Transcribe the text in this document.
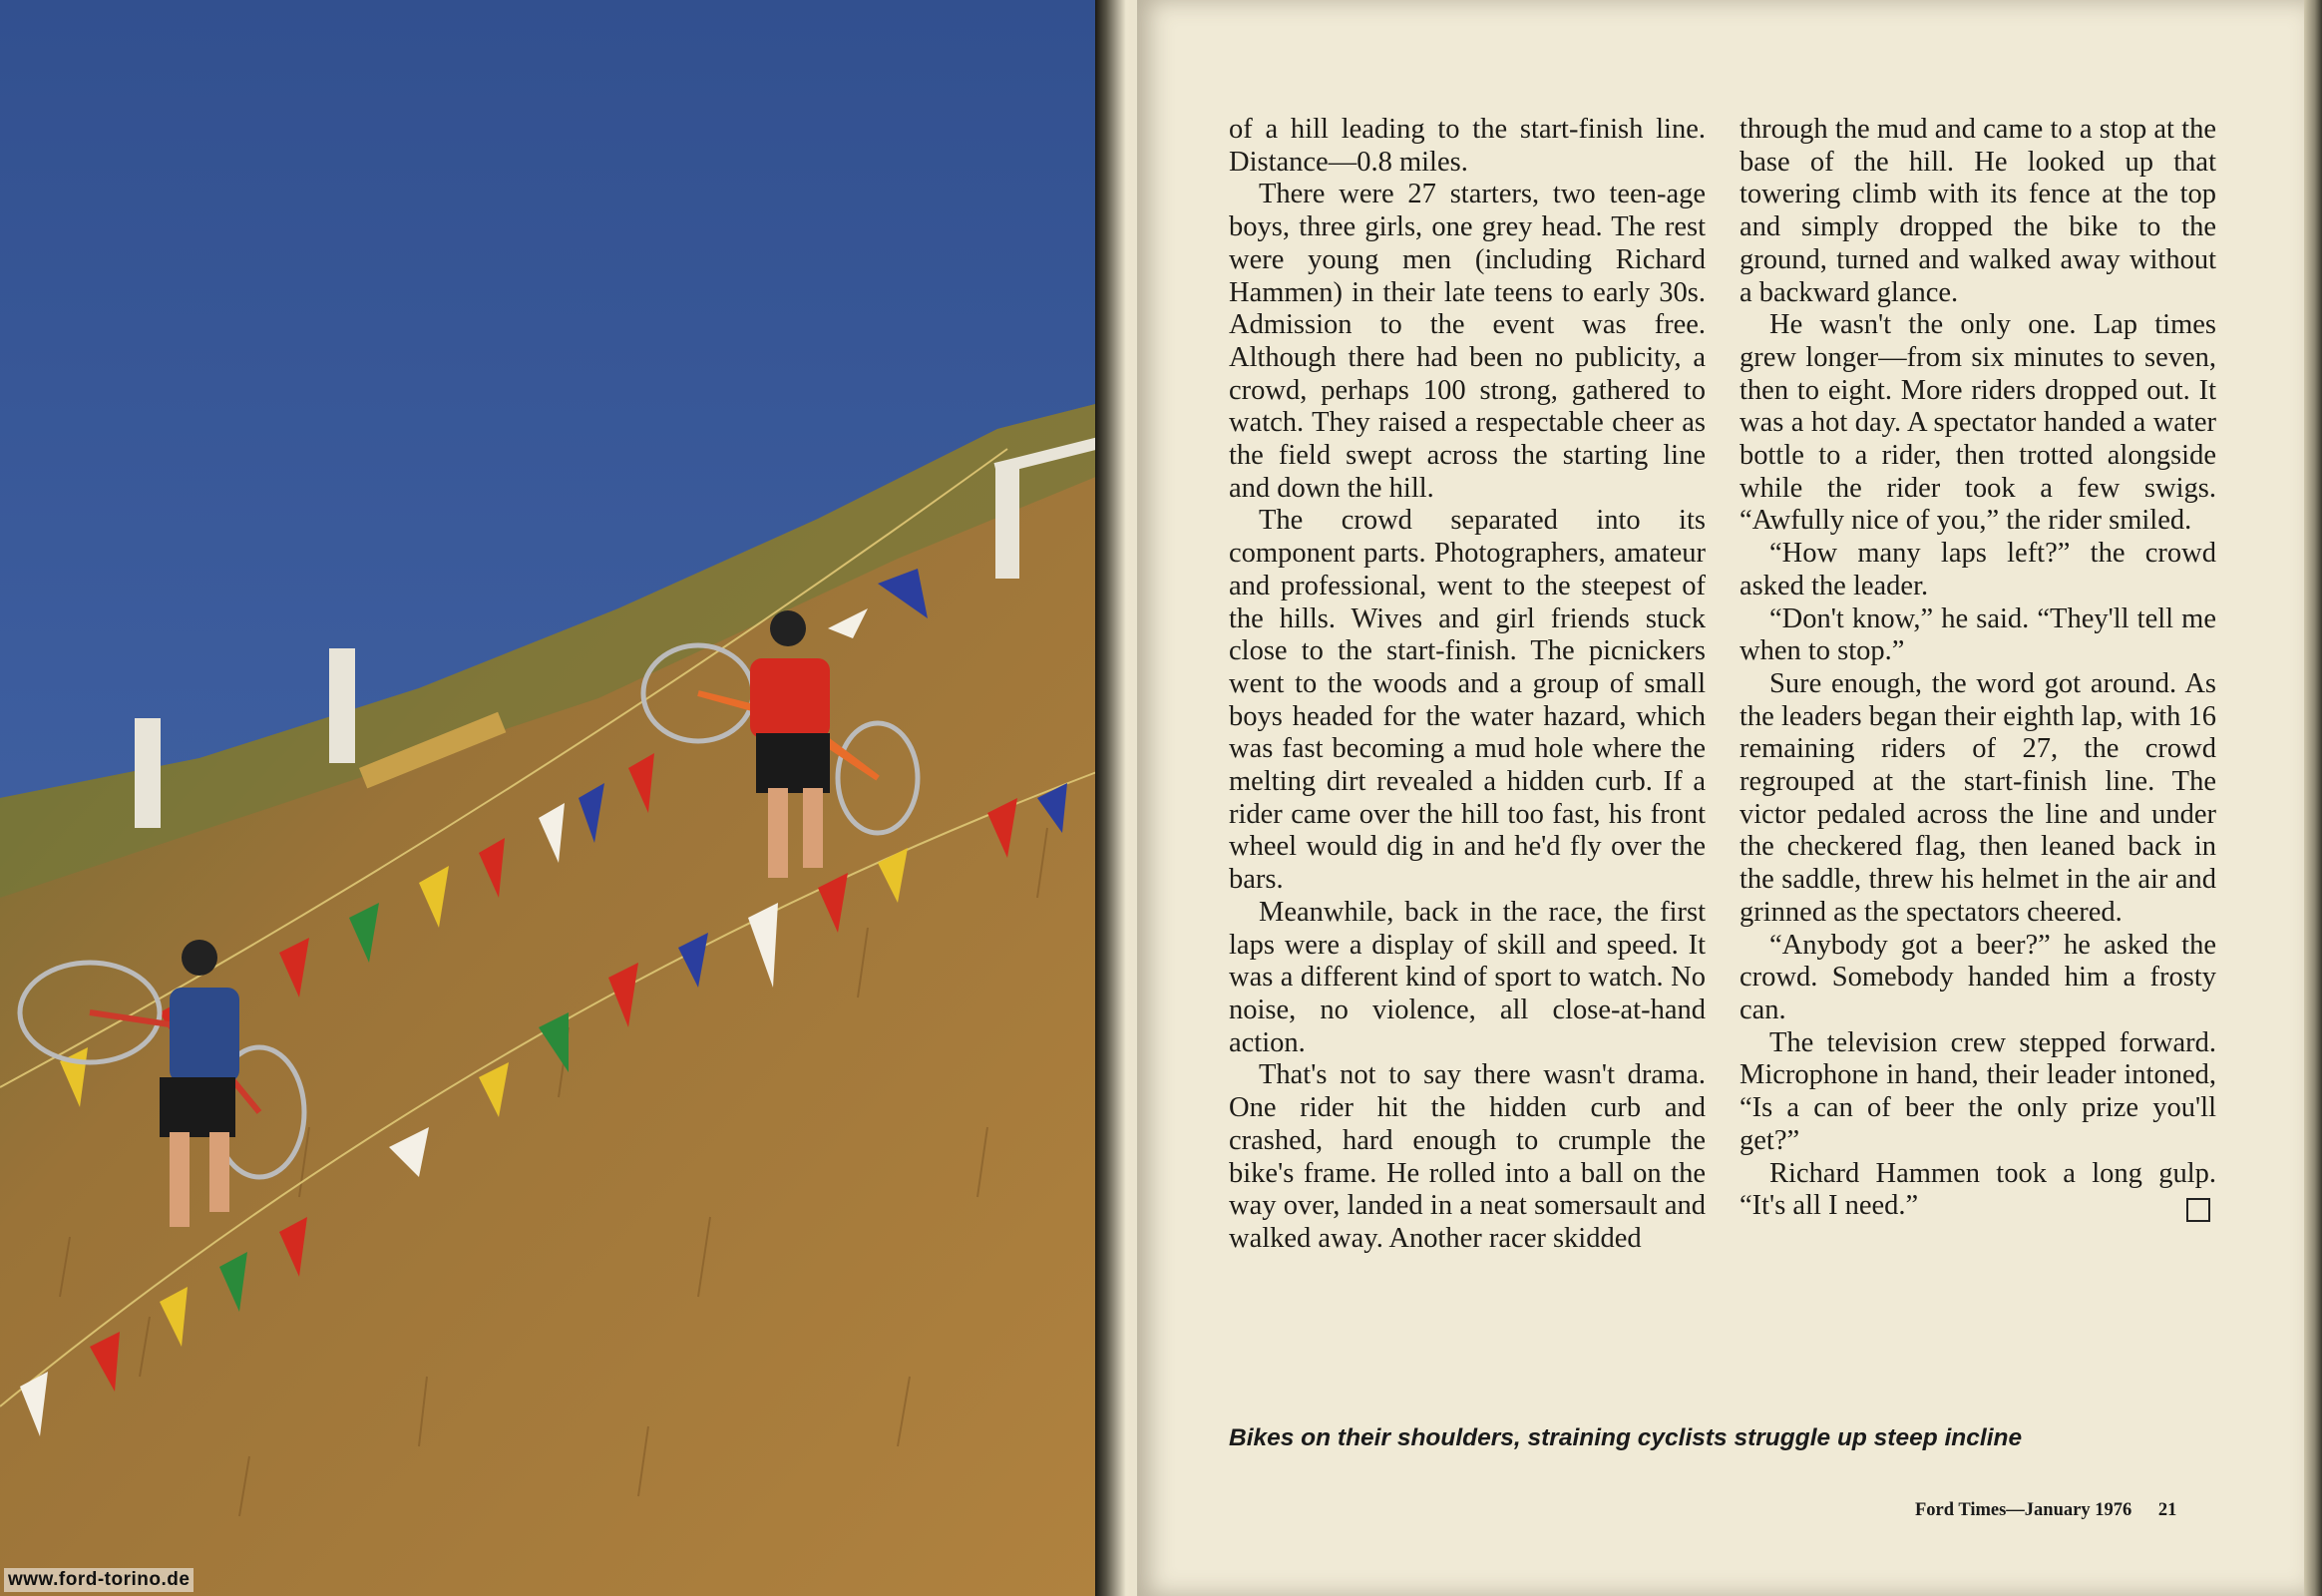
www.ford-torino.de

of a hill leading to the start-finish line. Distance—0.8 miles.

There were 27 starters, two teen-age boys, three girls, one grey head. The rest were young men (including Richard Hammen) in their late teens to early 30s. Admission to the event was free. Although there had been no publicity, a crowd, perhaps 100 strong, gathered to watch. They raised a respectable cheer as the field swept across the starting line and down the hill.

The crowd separated into its component parts. Photographers, amateur and professional, went to the steepest of the hills. Wives and girl friends stuck close to the start-finish. The picnickers went to the woods and a group of small boys headed for the water hazard, which was fast becoming a mud hole where the melting dirt revealed a hidden curb. If a rider came over the hill too fast, his front wheel would dig in and he'd fly over the bars.

Meanwhile, back in the race, the first laps were a display of skill and speed. It was a different kind of sport to watch. No noise, no violence, all close-at-hand action.

That's not to say there wasn't drama. One rider hit the hidden curb and crashed, hard enough to crumple the bike's frame. He rolled into a ball on the way over, landed in a neat somersault and walked away. Another racer skidded

through the mud and came to a stop at the base of the hill. He looked up that towering climb with its fence at the top and simply dropped the bike to the ground, turned and walked away without a backward glance.

He wasn't the only one. Lap times grew longer—from six minutes to seven, then to eight. More riders dropped out. It was a hot day. A spectator handed a water bottle to a rider, then trotted alongside while the rider took a few swigs. “Awfully nice of you,” the rider smiled.

“How many laps left?” the crowd asked the leader.

“Don't know,” he said. “They'll tell me when to stop.”

Sure enough, the word got around. As the leaders began their eighth lap, with 16 remaining riders of 27, the crowd regrouped at the start-finish line. The victor pedaled across the line and under the checkered flag, then leaned back in the saddle, threw his helmet in the air and grinned as the spectators cheered.

“Anybody got a beer?” he asked the crowd. Somebody handed him a frosty can.

The television crew stepped forward. Microphone in hand, their leader intoned, “Is a can of beer the only prize you'll get?”

Richard Hammen took a long gulp. “It's all I need.”

Bikes on their shoulders, straining cyclists struggle up steep incline
Ford Times—January 1976 21
